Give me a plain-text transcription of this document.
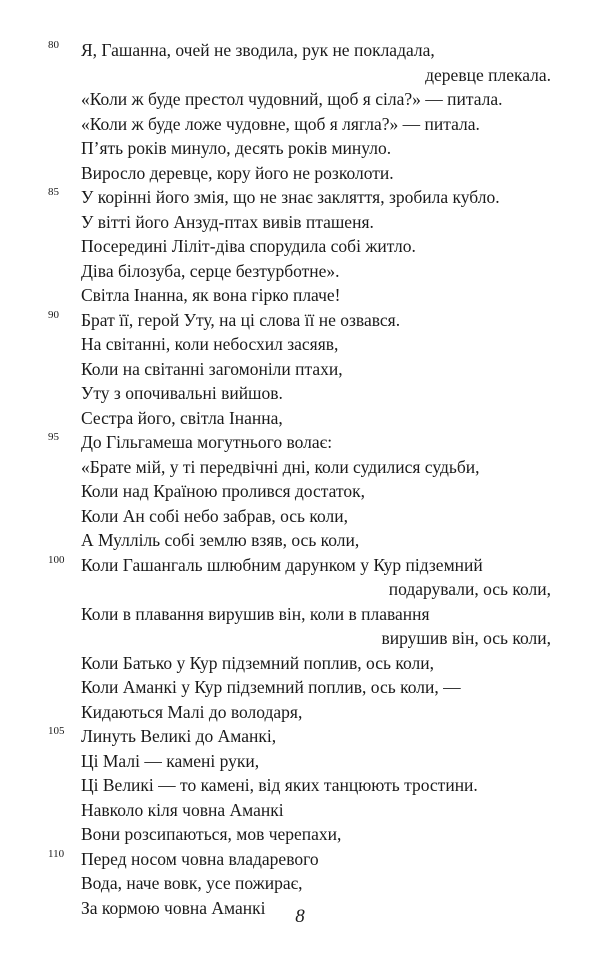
80 Я, Гашанна, очей не зводила, рук не покладала,
деревце плекала.
«Коли ж буде престол чудовний, щоб я сіла?» — питала.
«Коли ж буде ложе чудовне, щоб я лягла?» — питала.
П’ять років минуло, десять років минуло.
Виросло деревце, кору його не розколоти.
85 У корінні його змія, що не знає закляття, зробила кубло.
У вітті його Анзуд-птах вивів пташеня.
Посередині Ліліт-діва спорудила собі житло.
Діва білозуба, серце безтурботне».
Світла Інанна, як вона гірко плаче!
90 Брат її, герой Уту, на ці слова її не озвався.
На світанні, коли небосхил засяяв,
Коли на світанні загомоніли птахи,
Уту з опочивальні вийшов.
Сестра його, світла Інанна,
95 До Гільгамеша могутнього волає:
«Брате мій, у ті передвічні дні, коли судилися судьби,
Коли над Країною пролився достаток,
Коли Ан собі небо забрав, ось коли,
А Мулліль собі землю взяв, ось коли,
100 Коли Гашангаль шлюбним дарунком у Кур підземний
подарували, ось коли,
Коли в плавання вирушив він, коли в плавання
вирушив він, ось коли,
Коли Батько у Кур підземний поплив, ось коли,
Коли Аманкі у Кур підземний поплив, ось коли, —
Кидаються Малі до володаря,
105 Линуть Великі до Аманкі,
Ці Малі — камені руки,
Ці Великі — то камені, від яких танцюють тростини.
Навколо кіля човна Аманкі
Вони розсипаються, мов черепахи,
110 Перед носом човна владаревого
Вода, наче вовк, усе пожирає,
За кормою човна Аманкі	8
